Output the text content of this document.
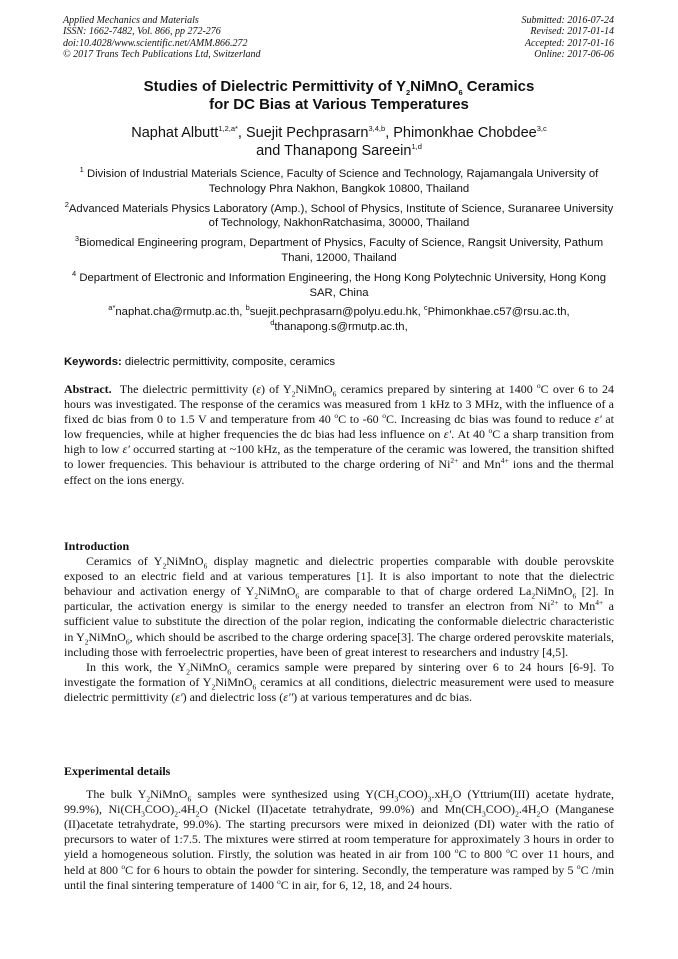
Applied Mechanics and Materials
ISSN: 1662-7482, Vol. 866, pp 272-276
doi:10.4028/www.scientific.net/AMM.866.272
© 2017 Trans Tech Publications Ltd, Switzerland
Submitted: 2016-07-24
Revised: 2017-01-14
Accepted: 2017-01-16
Online: 2017-06-06
Studies of Dielectric Permittivity of $Y_2NiMnO_6$ Ceramics
for DC Bias at Various Temperatures
Naphat Albutt$^{1,2,a*}$, Suejit Pechprasarn$^{3,4,b}$, Phimonkhae Chobdee$^{3,c}$
and Thanapong Sareein$^{1,d}$
$^1$ Division of Industrial Materials Science, Faculty of Science and Technology, Rajamangala University of Technology Phra Nakhon, Bangkok 10800, Thailand
$^2$Advanced Materials Physics Laboratory (Amp.), School of Physics, Institute of Science, Suranaree University of Technology, NakhonRatchasima, 30000, Thailand
$^3$Biomedical Engineering program, Department of Physics, Faculty of Science, Rangsit University, Pathum Thani, 12000, Thailand
$^4$ Department of Electronic and Information Engineering, the Hong Kong Polytechnic University, Hong Kong SAR, China
$^{a*}$naphat.cha@rmutp.ac.th, $^b$suejit.pechprasarn@polyu.edu.hk, $^c$Phimonkhae.c57@rsu.ac.th,
$^d$thanapong.s@rmutp.ac.th,
Keywords: dielectric permittivity, composite, ceramics

Abstract.  The dielectric permittivity (ε) of $Y_2NiMnO_6$ ceramics prepared by sintering at 1400 $^o$C over 6 to 24 hours was investigated. The response of the ceramics was measured from 1 kHz to 3 MHz, with the influence of a fixed dc bias from 0 to 1.5 V and temperature from 40 $^o$C to -60 $^o$C. Increasing dc bias was found to reduce ε' at low frequencies, while at higher frequencies the dc bias had less influence on ε'. At 40 $^o$C a sharp transition from high to low ε' occurred starting at ~100 kHz, as the temperature of the ceramic was lowered, the transition shifted to lower frequencies. This behaviour is attributed to the charge ordering of $Ni^{2+}$ and $Mn^{4+}$ ions and the thermal effect on the ions energy.

Introduction

Ceramics of $Y_2NiMnO_6$ display magnetic and dielectric properties comparable with double perovskite exposed to an electric field and at various temperatures [1]. It is also important to note that the dielectric behaviour and activation energy of $Y_2NiMnO_6$ are comparable to that of charge ordered $La_2NiMnO_6$ [2]. In particular, the activation energy is similar to the energy needed to transfer an electron from $Ni^{2+}$ to $Mn^{4+}$ a sufficient value to substitute the direction of the polar region, indicating the conformable dielectric characteristic in $Y_2NiMnO_6$, which should be ascribed to the charge ordering space[3]. The charge ordered perovskite materials, including those with ferroelectric properties, have been of great interest to researchers and industry [4,5].

In this work, the $Y_2NiMnO_6$ ceramics sample were prepared by sintering over 6 to 24 hours [6-9]. To investigate the formation of $Y_2NiMnO_6$ ceramics at all conditions, dielectric measurement were used to measure dielectric permittivity (ε') and dielectric loss (ε'') at various temperatures and dc bias.

Experimental details

The bulk $Y_2NiMnO_6$ samples were synthesized using $Y(CH_3COO)_3.xH_2O$ (Yttrium(III) acetate hydrate, 99.9%), $Ni(CH_3COO)_2.4H_2O$ (Nickel (II)acetate tetrahydrate, 99.0%) and $Mn(CH_3COO)_2.4H_2O$ (Manganese (II)acetate tetrahydrate, 99.0%). The starting precursors were mixed in deionized (DI) water with the ratio of precursors to water of 1:7.5. The mixtures were stirred at room temperature for approximately 3 hours in order to yield a homogeneous solution. Firstly, the solution was heated in air from 100 $^o$C to 800 $^o$C over 11 hours, and held at 800 $^o$C for 6 hours to obtain the powder for sintering. Secondly, the temperature was ramped by 5 $^o$C /min until the final sintering temperature of 1400 $^o$C in air, for 6, 12, 18, and 24 hours.
